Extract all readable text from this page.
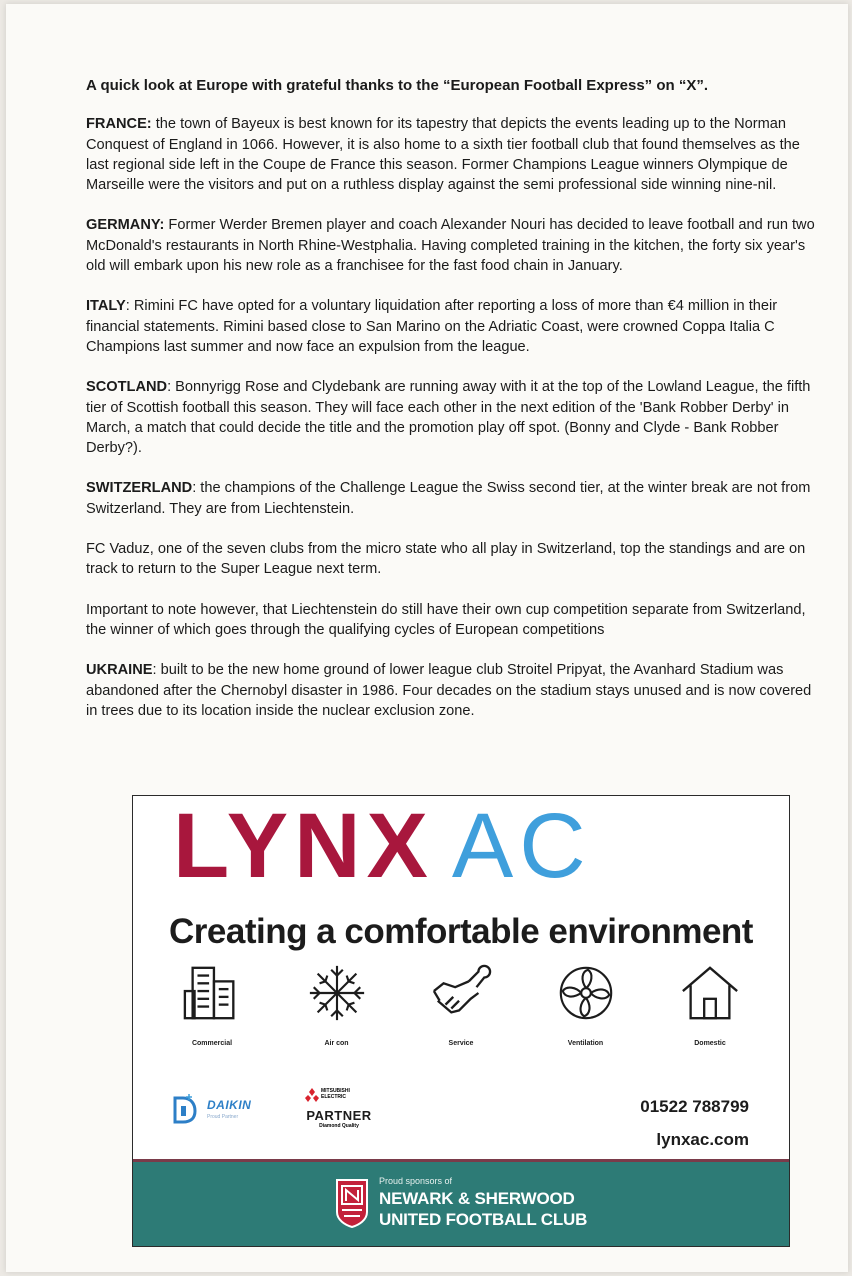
A quick look at Europe with grateful thanks to the “European Football Express” on “X”.

FRANCE: the town of Bayeux is best known for its tapestry that depicts the events leading up to the Norman Conquest of England in 1066. However, it is also home to a sixth tier football club that found themselves as the last regional side left in the Coupe de France this season. Former Champions League winners Olympique de Marseille were the visitors and put on a ruthless display against the semi professional side winning nine-nil.

GERMANY: Former Werder Bremen player and coach Alexander Nouri has decided to leave football and run two McDonald's restaurants in North Rhine-Westphalia. Having completed training in the kitchen, the forty six year's old will embark upon his new role as a franchisee for the fast food chain in January.

ITALY: Rimini FC have opted for a voluntary liquidation after reporting a loss of more than €4 million in their financial statements. Rimini based close to San Marino on the Adriatic Coast, were crowned Coppa Italia C Champions last summer and now face an expulsion from the league.

SCOTLAND: Bonnyrigg Rose and Clydebank are running away with it at the top of the Lowland League, the fifth tier of Scottish football this season. They will face each other in the next edition of the 'Bank Robber Derby' in March, a match that could decide the title and the promotion play off spot. (Bonny and Clyde - Bank Robber Derby?).

SWITZERLAND: the champions of the Challenge League the Swiss second tier, at the winter break are not from Switzerland. They are from Liechtenstein.

FC Vaduz, one of the seven clubs from the micro state who all play in Switzerland, top the standings and are on track to return to the Super League next term.

Important to note however, that Liechtenstein do still have their own cup competition separate from Switzerland, the winner of which goes through the qualifying cycles of European competitions

UKRAINE: built to be the new home ground of lower league club Stroitel Pripyat, the Avanhard Stadium was abandoned after the Chernobyl disaster in 1986. Four decades on the stadium stays unused and is now covered in trees due to its location inside the nuclear exclusion zone.

LYNX AC
Creating a comfortable environment
Commercial	Air con	Service	Ventilation	Domestic
DAIKIN
Proud Partner
MITSUBISHI
ELECTRIC
PARTNER
Diamond Quality
01522 788799
lynxac.com
Proud sponsors of
NEWARK & SHERWOOD
UNITED FOOTBALL CLUB
